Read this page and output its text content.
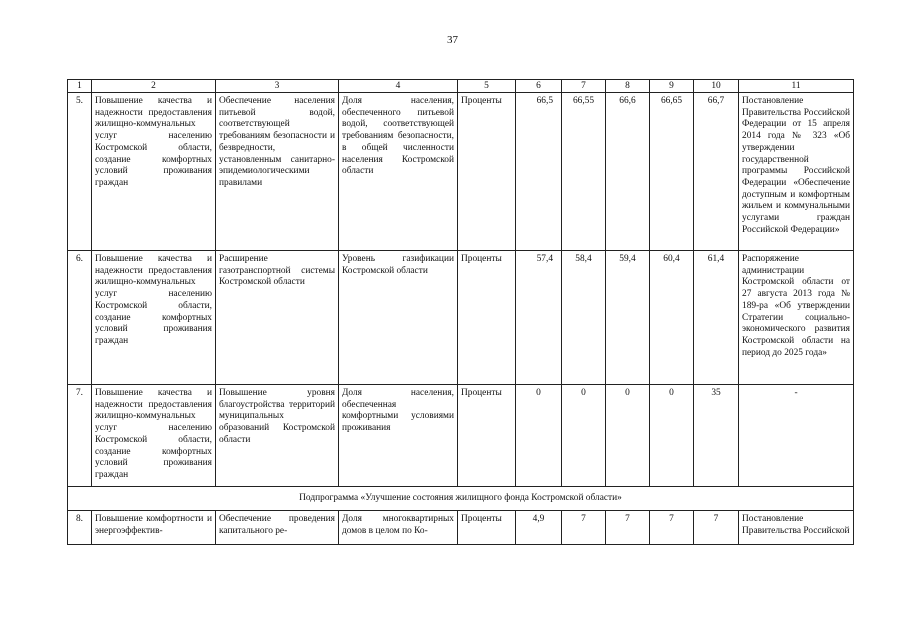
37
1	2	3	4	5	6	7	8	9	10	11
5.	Повышение качества и надежности предоставления жилищно-коммунальных услуг населению Костромской области, создание комфортных условий проживания граждан	Обеспечение населения питьевой водой, соответствующей требованиям безопасности и безвредности, установленным санитарно-эпидемиологическими правилами	Доля населения, обеспеченного питьевой водой, соответствующей требованиям безопасности, в общей численности населения Костромской области	Проценты	66,5	66,55	66,6	66,65	66,7	Постановление Правительства Российской Федерации от 15 апреля 2014 года № 323 «Об утверждении государственной программы Российской Федерации «Обеспечение доступным и комфортным жильем и коммунальными услугами граждан Российской Федерации»
6.	Повышение качества и надежности предоставления жилищно-коммунальных услуг населению Костромской области, создание комфортных условий проживания граждан	Расширение газотранспортной системы Костромской области	Уровень газификации Костромской области	Проценты	57,4	58,4	59,4	60,4	61,4	Распоряжение администрации Костромской области от 27 августа 2013 года № 189-ра «Об утверждении Стратегии социально-экономического развития Костромской области на период до 2025 года»
7.	Повышение качества и надежности предоставления жилищно-коммунальных услуг населению Костромской области, создание комфортных условий проживания граждан	Повышение уровня благоустройства территорий муниципальных образований Костромской области	Доля населения, обеспеченная комфортными условиями проживания	Проценты	0	0	0	0	35	-
Подпрограмма «Улучшение состояния жилищного фонда Костромской области»										
8.	Повышение комфортности и энергоэффектив-	Обеспечение проведения капитального ре-	Доля многоквартирных домов в целом по Ко-	Проценты	4,9	7	7	7	7	Постановление Правительства Российской
